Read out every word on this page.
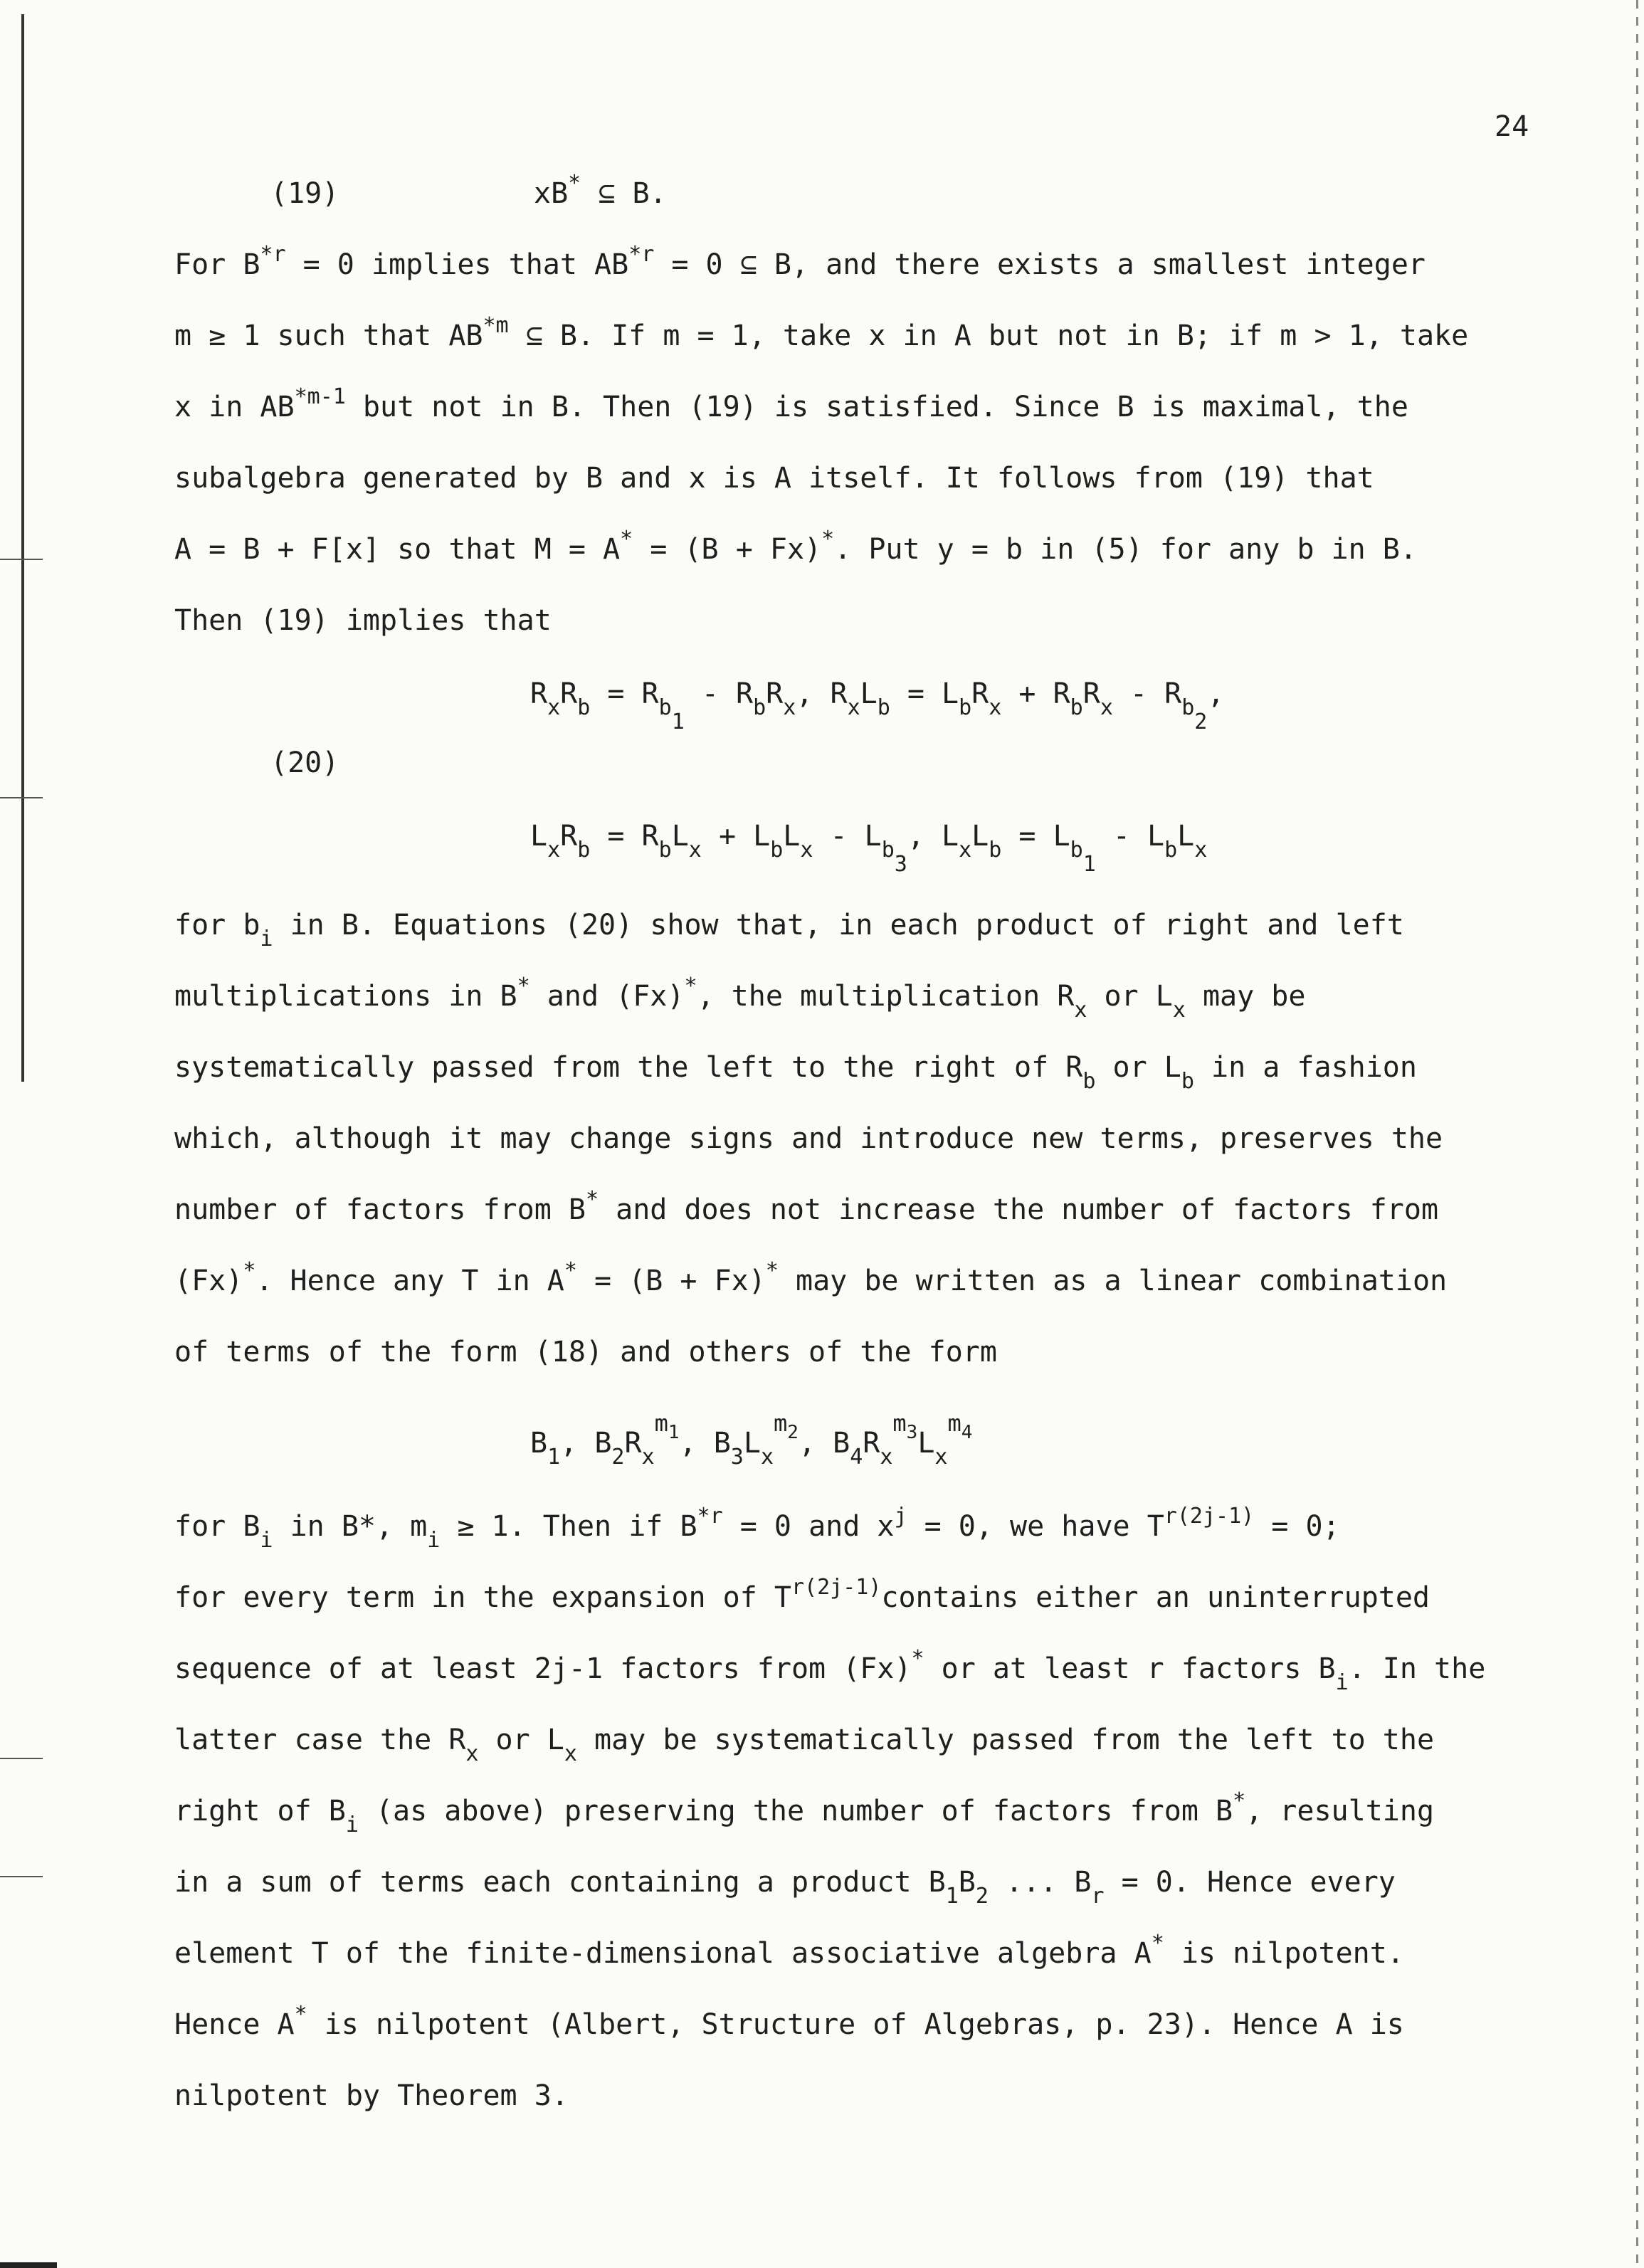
24
(19)	xB* ⊆ B.
For $B^{*r} = 0$ implies that $AB^{*r} = 0$ ⊆ B, and there exists a smallest integer
m ≥ 1 such that AB$^{*m}$ ⊆ B. If m = 1, take x in A but not in B; if m > 1, take
x in AB$^{*m-1}$ but not in B. Then (19) is satisfied. Since B is maximal, the
subalgebra generated by B and x is A itself. It follows from (19) that
A = B + F[x] so that M = A* = (B + Fx)*. Put y = b in (5) for any b in B.
Then (19) implies that
(20)
$R_xR_b = R_{b1} - R_bR_x$, $R_xL_b = L_bR_x + R_bR_x - R_{b2}$,
$L_xR_b = R_bL_x + L_bL_x - L_{b3}$, $L_xL_b = L_{b1} - L_bL_x$
for $b_i$ in B. Equations (20) show that, in each product of right and left
multiplications in B* and (Fx)*, the multiplication $R_x$ or $L_x$ may be
systematically passed from the left to the right of $R_b$ or $L_b$ in a fashion
which, although it may change signs and introduce new terms, preserves the
number of factors from B* and does not increase the number of factors from
(Fx)*. Hence any T in A* = (B + Fx)* may be written as a linear combination
of terms of the form (18) and others of the form
$B_1$, $B_2R_x^{m1}$, $B_3L_x^{m2}$, $B_4R_x^{m3}L_x^{m4}$
for $B_i$ in B*, $m_i \ge 1$. Then if $B^{*r} = 0$ and $x^j = 0$, we have $T^{r(2j-1)} = 0$;
for every term in the expansion of $T^{r(2j-1)}contains$ either an uninterrupted
sequence of at least 2j-1 factors from (Fx)* or at least r factors $B_i$. In the
latter case the $R_x$ or $L_x$ may be systematically passed from the left to the
right of $B_i$ (as above) preserving the number of factors from B*, resulting
in a sum of terms each containing a product $B_1B_2$ ... $B_r = 0$. Hence every
element T of the finite-dimensional associative algebra A* is nilpotent.
Hence A* is nilpotent (Albert, Structure of Algebras, p. 23). Hence A is
nilpotent by Theorem 3.
